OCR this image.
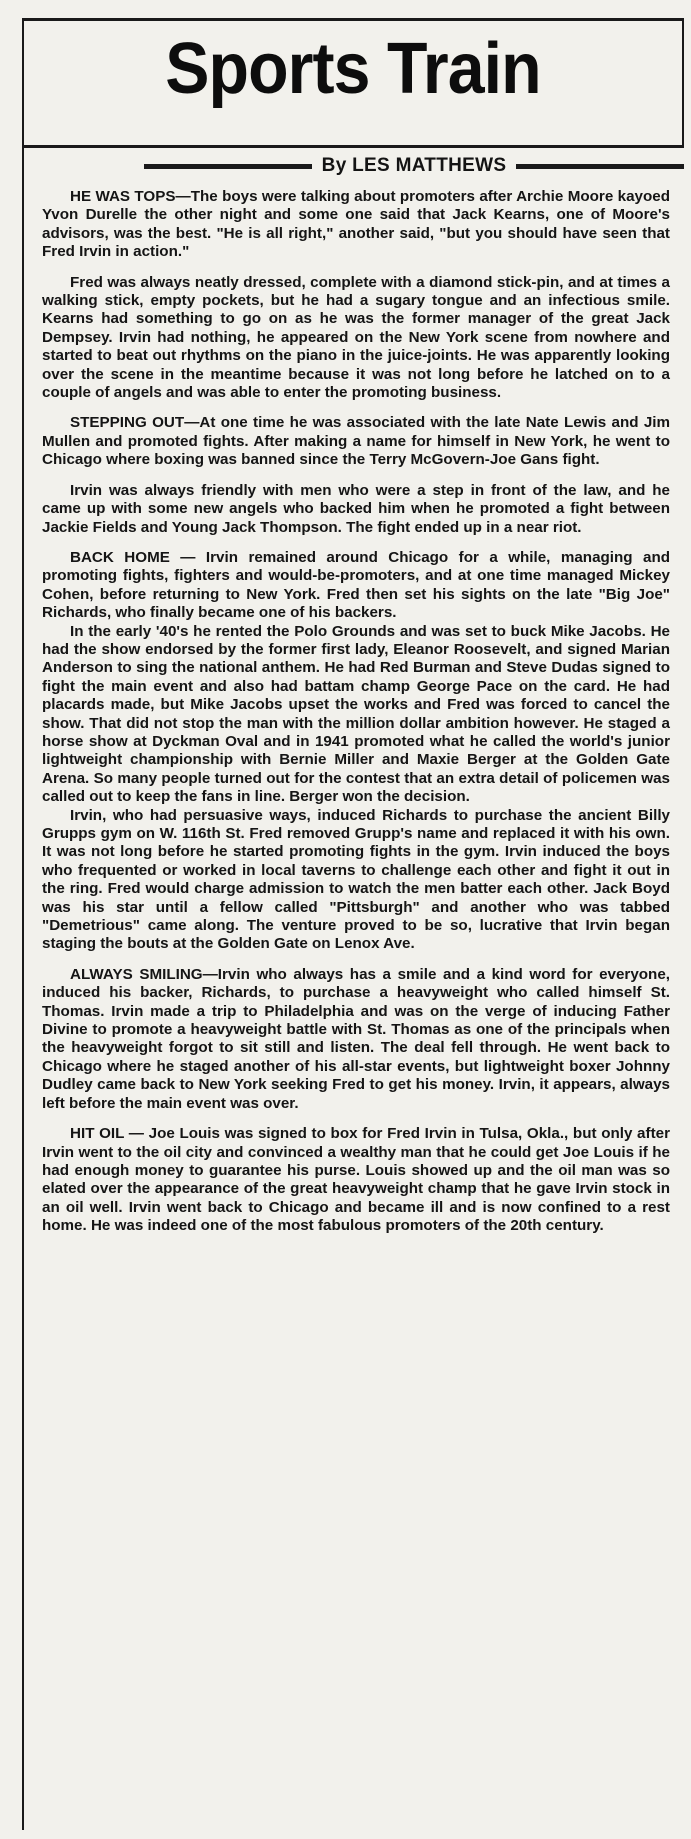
Sports Train
By LES MATTHEWS

HE WAS TOPS—The boys were talking about promoters after Archie Moore kayoed Yvon Durelle the other night and some one said that Jack Kearns, one of Moore's advisors, was the best. "He is all right," another said, "but you should have seen that Fred Irvin in action."

Fred was always neatly dressed, complete with a diamond stick-pin, and at times a walking stick, empty pockets, but he had a sugary tongue and an infectious smile. Kearns had something to go on as he was the former manager of the great Jack Dempsey. Irvin had nothing, he appeared on the New York scene from nowhere and started to beat out rhythms on the piano in the juice-joints. He was apparently looking over the scene in the meantime because it was not long before he latched on to a couple of angels and was able to enter the promoting business.

STEPPING OUT—At one time he was associated with the late Nate Lewis and Jim Mullen and promoted fights. After making a name for himself in New York, he went to Chicago where boxing was banned since the Terry McGovern-Joe Gans fight.

Irvin was always friendly with men who were a step in front of the law, and he came up with some new angels who backed him when he promoted a fight between Jackie Fields and Young Jack Thompson. The fight ended up in a near riot.

BACK HOME — Irvin remained around Chicago for a while, managing and promoting fights, fighters and would-be-promoters, and at one time managed Mickey Cohen, before returning to New York. Fred then set his sights on the late "Big Joe" Richards, who finally became one of his backers.

In the early '40's he rented the Polo Grounds and was set to buck Mike Jacobs. He had the show endorsed by the former first lady, Eleanor Roosevelt, and signed Marian Anderson to sing the national anthem. He had Red Burman and Steve Dudas signed to fight the main event and also had battam champ George Pace on the card. He had placards made, but Mike Jacobs upset the works and Fred was forced to cancel the show. That did not stop the man with the million dollar ambition however. He staged a horse show at Dyckman Oval and in 1941 promoted what he called the world's junior lightweight championship with Bernie Miller and Maxie Berger at the Golden Gate Arena. So many people turned out for the contest that an extra detail of policemen was called out to keep the fans in line. Berger won the decision.

Irvin, who had persuasive ways, induced Richards to purchase the ancient Billy Grupps gym on W. 116th St. Fred removed Grupp's name and replaced it with his own. It was not long before he started promoting fights in the gym. Irvin induced the boys who frequented or worked in local taverns to challenge each other and fight it out in the ring. Fred would charge admission to watch the men batter each other. Jack Boyd was his star until a fellow called "Pittsburgh" and another who was tabbed "Demetrious" came along. The venture proved to be so, lucrative that Irvin began staging the bouts at the Golden Gate on Lenox Ave.

ALWAYS SMILING—Irvin who always has a smile and a kind word for everyone, induced his backer, Richards, to purchase a heavyweight who called himself St. Thomas. Irvin made a trip to Philadelphia and was on the verge of inducing Father Divine to promote a heavyweight battle with St. Thomas as one of the principals when the heavyweight forgot to sit still and listen. The deal fell through. He went back to Chicago where he staged another of his all-star events, but lightweight boxer Johnny Dudley came back to New York seeking Fred to get his money. Irvin, it appears, always left before the main event was over.

HIT OIL — Joe Louis was signed to box for Fred Irvin in Tulsa, Okla., but only after Irvin went to the oil city and convinced a wealthy man that he could get Joe Louis if he had enough money to guarantee his purse. Louis showed up and the oil man was so elated over the appearance of the great heavyweight champ that he gave Irvin stock in an oil well. Irvin went back to Chicago and became ill and is now confined to a rest home. He was indeed one of the most fabulous promoters of the 20th century.
